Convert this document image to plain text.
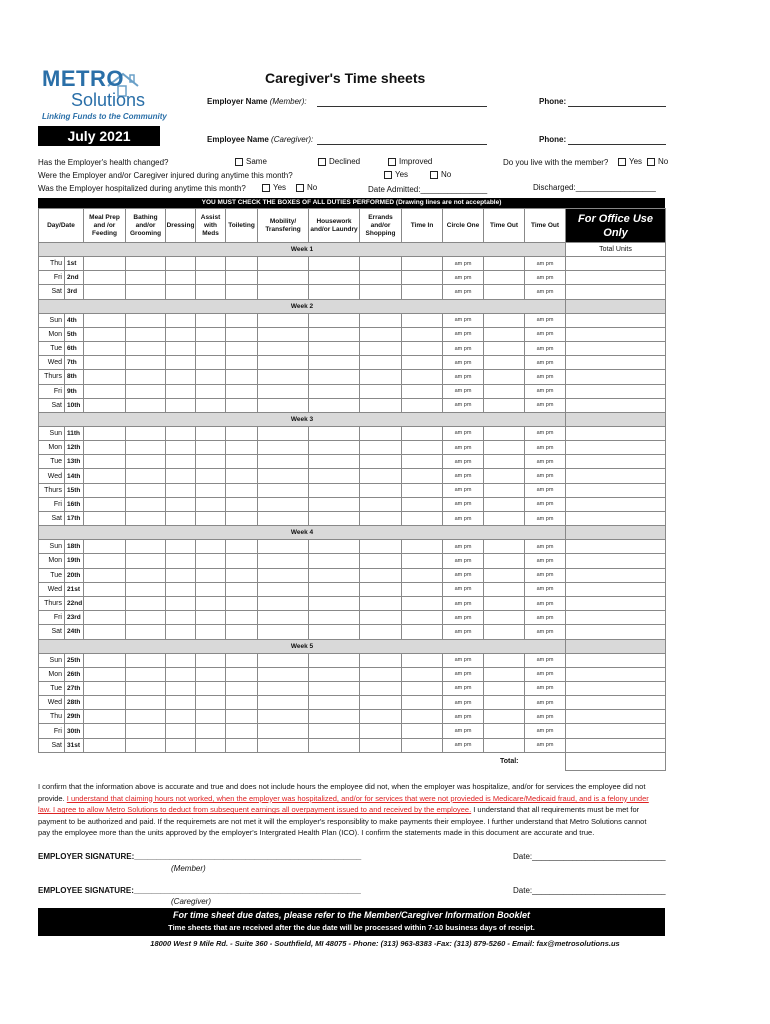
METRO
Solutions
Linking Funds to the Community
July 2021
Caregiver's Time sheets
Employer Name (Member):	Phone:
Employee Name (Caregiver):	Phone:
Has the Employer's health changed?	Same	Declined	Improved	Do you live with the member?	Yes	No
Were the Employer and/or Caregiver injured during anytime this month?	Yes	No
Was the Employer hospitalized during anytime this month?	Yes	No	Date Admitted:_______________	Discharged:__________________
YOU MUST CHECK THE BOXES OF ALL DUTIES PERFORMED (Drawing lines are not acceptable)
Day/Date		Meal Prep and /or Feeding	Bathing and/or Grooming	Dressing	Assist with Meds	Toileting	Mobility/ Transfering	Housework and/or Laundry	Errands and/or Shopping	Time In	Circle One	Time Out	Time Out	For Office Use Only
Week 1														Total Units
Thu	1st										am pm		am pm	
Fri	2nd										am pm		am pm	
Sat	3rd										am pm		am pm	
Week 2														
Sun	4th										am pm		am pm	
Mon	5th										am pm		am pm	
Tue	6th										am pm		am pm	
Wed	7th										am pm		am pm	
Thurs	8th										am pm		am pm	
Fri	9th										am pm		am pm	
Sat	10th										am pm		am pm	
Week 3														
Sun	11th										am pm		am pm	
Mon	12th										am pm		am pm	
Tue	13th										am pm		am pm	
Wed	14th										am pm		am pm	
Thurs	15th										am pm		am pm	
Fri	16th										am pm		am pm	
Sat	17th										am pm		am pm	
Week 4														
Sun	18th										am pm		am pm	
Mon	19th										am pm		am pm	
Tue	20th										am pm		am pm	
Wed	21st										am pm		am pm	
Thurs	22nd										am pm		am pm	
Fri	23rd										am pm		am pm	
Sat	24th										am pm		am pm	
Week 5														
Sun	25th										am pm		am pm	
Mon	26th										am pm		am pm	
Tue	27th										am pm		am pm	
Wed	28th										am pm		am pm	
Thu	29th										am pm		am pm	
Fri	30th										am pm		am pm	
Sat	31st										am pm		am pm	
Total:														
I confirm that the information above is accurate and true and does not include hours the employee did not, when the employer was hospitalize, and/or for services the employee did not provide. I understand that claiming hours not worked, when the employer was hospitalized, and/or for services that were not provieded is Medicare/Medicaid fraud, and is a felony under law. I agree to allow Metro Solutions to deduct from subsequent earnings all overpayment issued to and received by the employee. I understand that all requirements must be met for payment to be authorized and paid. If the requiremets are not met it will the employer's responsiblity to make payments their employee. I further understand that Metro Solutions cannot pay the employee more than the units approved by the employer's Intergrated Health Plan (ICO). I confirm the statements made in this document are accurate and true.
EMPLOYER SIGNATURE:___________________________________________________
(Member)
Date:______________________________
EMPLOYEE SIGNATURE:___________________________________________________
(Caregiver)
Date:______________________________
For time sheet due dates, please refer to the Member/Caregiver Information Booklet
Time sheets that are received after the due date will be processed within 7-10 business days of receipt.
18000 West 9 Mile Rd. - Suite 360 - Southfield, MI 48075 - Phone: (313) 963-8383 -Fax: (313) 879-5260 - Email: fax@metrosolutions.us
